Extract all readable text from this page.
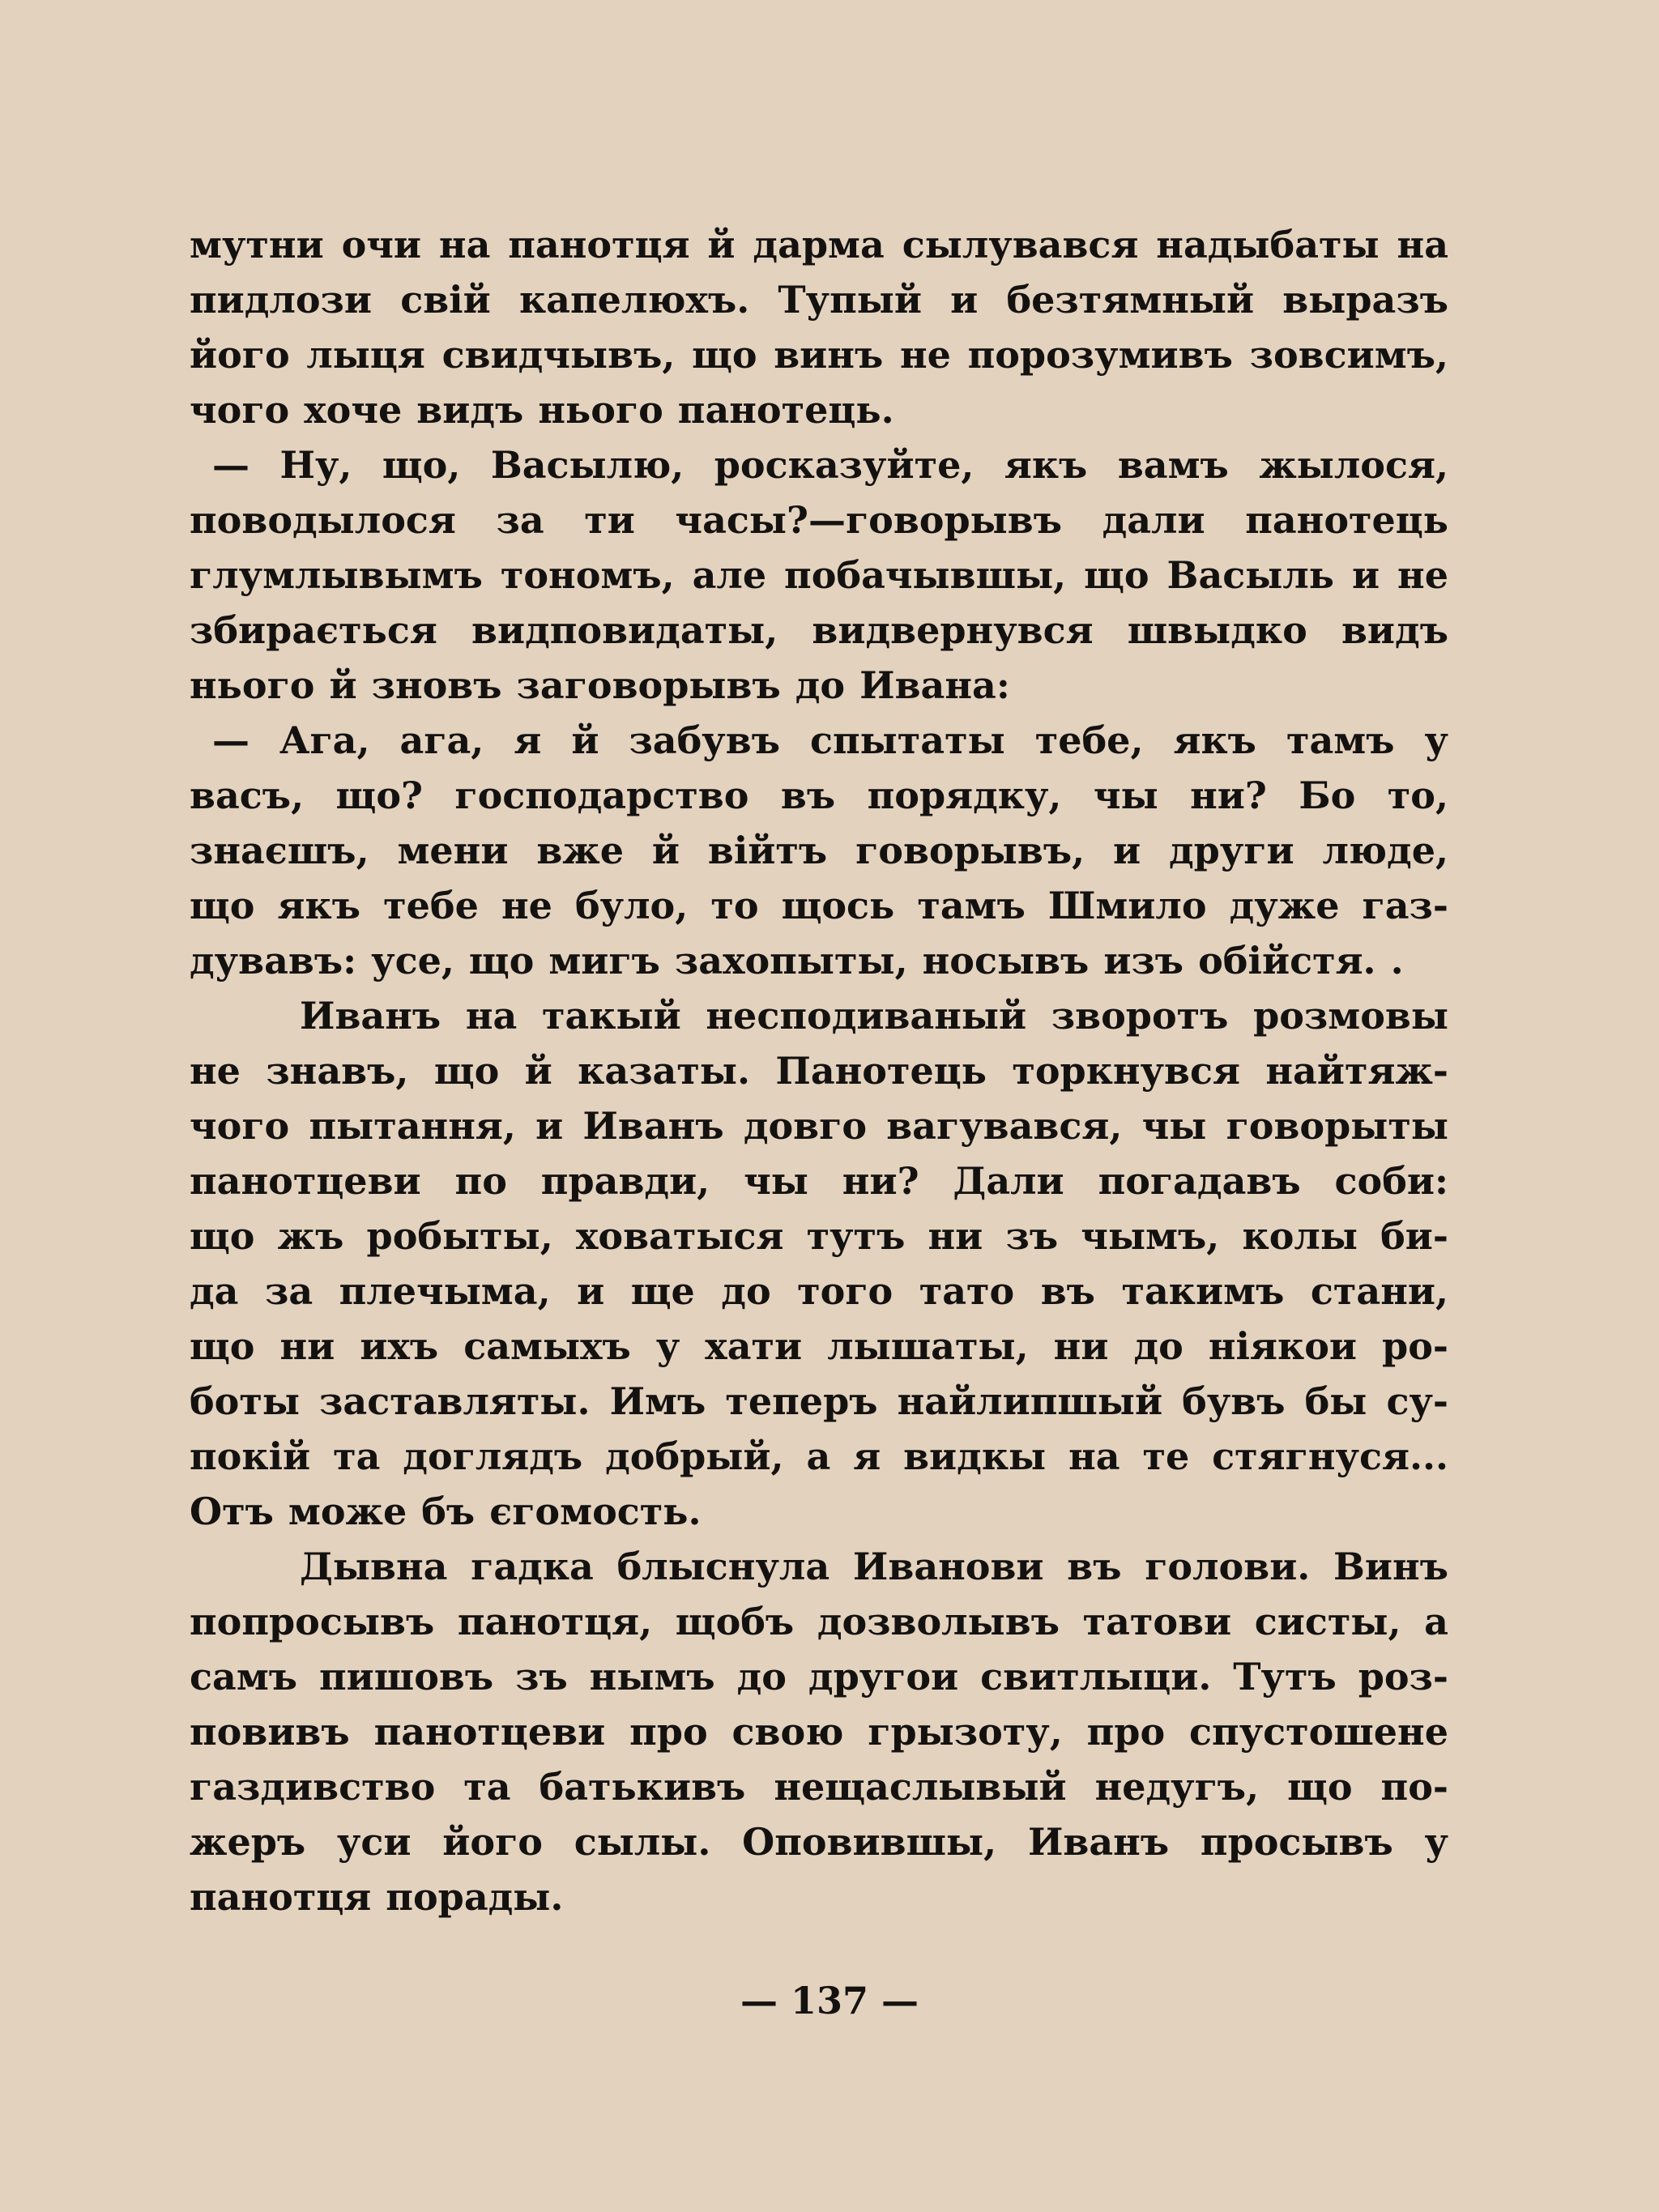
мутни очи на панотця й дарма сылувався надыбаты на
пидлози свій капелюхъ. Тупый и безтямный выразъ
його лыця свидчывъ, що винъ не порозумивъ зовсимъ,
чого хоче видъ нього панотець.
— Ну, що, Васылю, росказуйте, якъ вамъ жылося,
поводылося за ти часы?—говорывъ дали панотець
глумлывымъ тономъ, але побачывшы, що Васыль и не
збирається видповидаты, видвернувся швыдко видъ
нього й зновъ заговорывъ до Ивана:
— Ага, ага, я й забувъ спытаты тебе, якъ тамъ у
васъ, що? господарство въ порядку, чы ни? Бо то,
знаєшъ, мени вже й війтъ говорывъ, и други люде,
що якъ тебе не було, то щось тамъ Шмило дуже газ-
дувавъ: усе, що мигъ захопыты, носывъ изъ обійстя. .
Иванъ на такый несподиваный зворотъ розмовы
не знавъ, що й казаты. Панотець торкнувся найтяж-
чого пытання, и Иванъ довго вагувався, чы говорыты
панотцеви по правди, чы ни? Дали погадавъ соби:
що жъ робыты, ховатыся тутъ ни зъ чымъ, колы би-
да за плечыма, и ще до того тато въ такимъ стани,
що ни ихъ самыхъ у хати лышаты, ни до ніякои ро-
боты заставляты. Имъ теперъ найлипшый бувъ бы су-
покій та доглядъ добрый, а я видкы на те стягнуся...
Отъ може бъ єгомость.
Дывна гадка блыснула Иванови въ голови. Винъ
попросывъ панотця, щобъ дозволывъ татови систы, а
самъ пишовъ зъ нымъ до другои свитлыци. Тутъ роз-
повивъ панотцеви про свою грызоту, про спустошене
газдивство та батькивъ нещаслывый недугъ, що по-
жеръ уси його сылы. Оповившы, Иванъ просывъ у
панотця порады.
— 137 —
